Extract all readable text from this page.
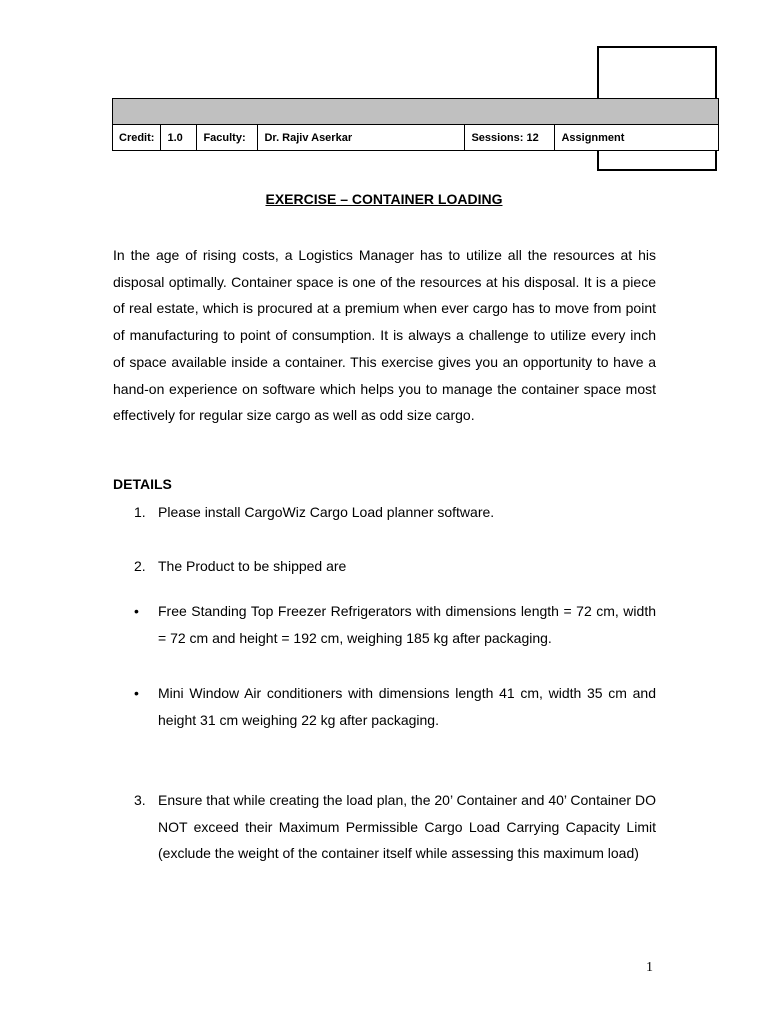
Credit:	1.0	Faculty:	Dr. Rajiv Aserkar	Sessions: 12	Assignment
EXERCISE – CONTAINER LOADING

In the age of rising costs, a Logistics Manager has to utilize all the resources at his disposal optimally. Container space is one of the resources at his disposal. It is a piece of real estate, which is procured at a premium when ever cargo has to move from point of manufacturing to point of consumption. It is always a challenge to utilize every inch of space available inside a container. This exercise gives you an opportunity to have a hand-on experience on software which helps you to manage the container space most effectively for regular size cargo as well as odd size cargo.

DETAILS
1. Please install CargoWiz Cargo Load planner software.
2. The Product to be shipped are
• Free Standing Top Freezer Refrigerators with dimensions length = 72 cm, width = 72 cm and height = 192 cm, weighing 185 kg after packaging.
• Mini Window Air conditioners with dimensions length 41 cm, width 35 cm and height 31 cm weighing 22 kg after packaging.
3. Ensure that while creating the load plan, the 20’ Container and 40’ Container DO NOT exceed their Maximum Permissible Cargo Load Carrying Capacity Limit (exclude the weight of the container itself while assessing this maximum load)
1
